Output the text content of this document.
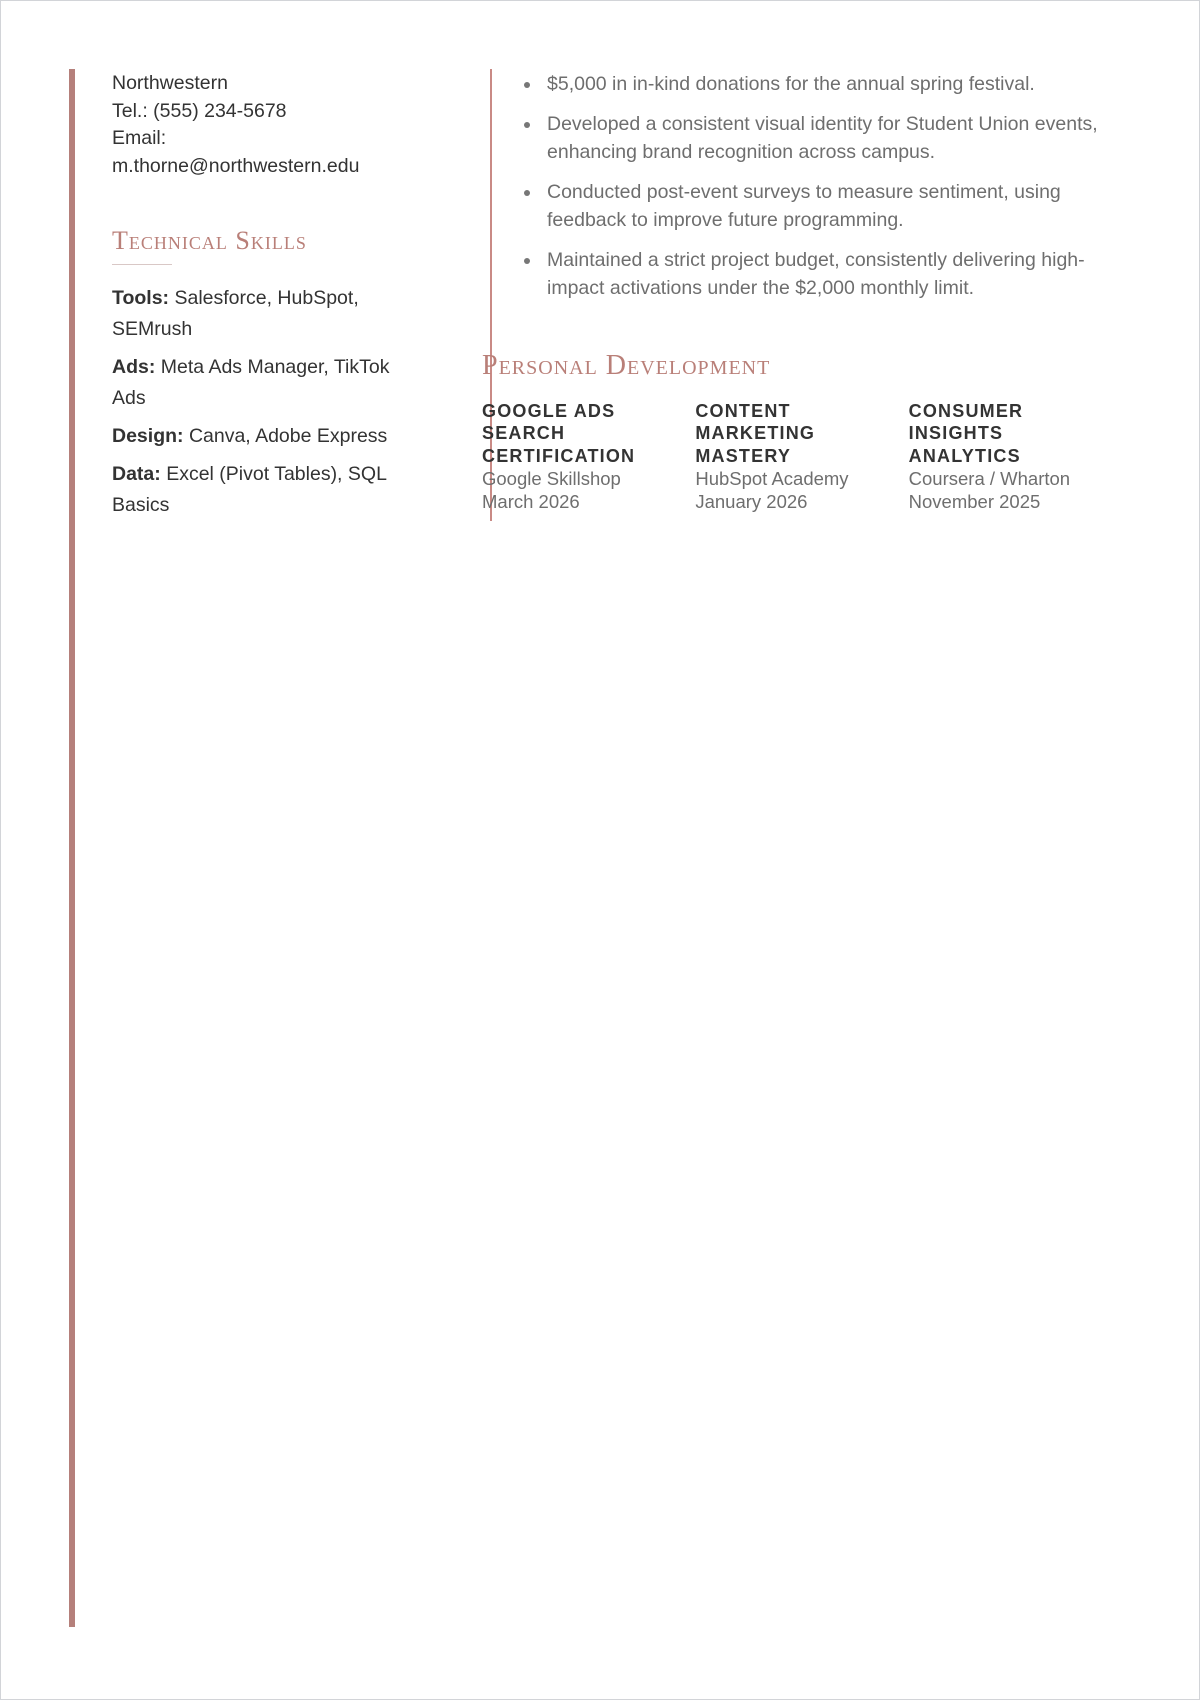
Northwestern
Tel.: (555) 234-5678
Email:
m.thorne@northwestern.edu
Technical Skills
Tools: Salesforce, HubSpot, SEMrush
Ads: Meta Ads Manager, TikTok Ads
Design: Canva, Adobe Express
Data: Excel (Pivot Tables), SQL Basics
$5,000 in in-kind donations for the annual spring festival.
Developed a consistent visual identity for Student Union events, enhancing brand recognition across campus.
Conducted post-event surveys to measure sentiment, using feedback to improve future programming.
Maintained a strict project budget, consistently delivering high-impact activations under the $2,000 monthly limit.
Personal Development
GOOGLE ADS SEARCH CERTIFICATION
Google Skillshop
March 2026
CONTENT MARKETING MASTERY
HubSpot Academy
January 2026
CONSUMER INSIGHTS ANALYTICS
Coursera / Wharton
November 2025
